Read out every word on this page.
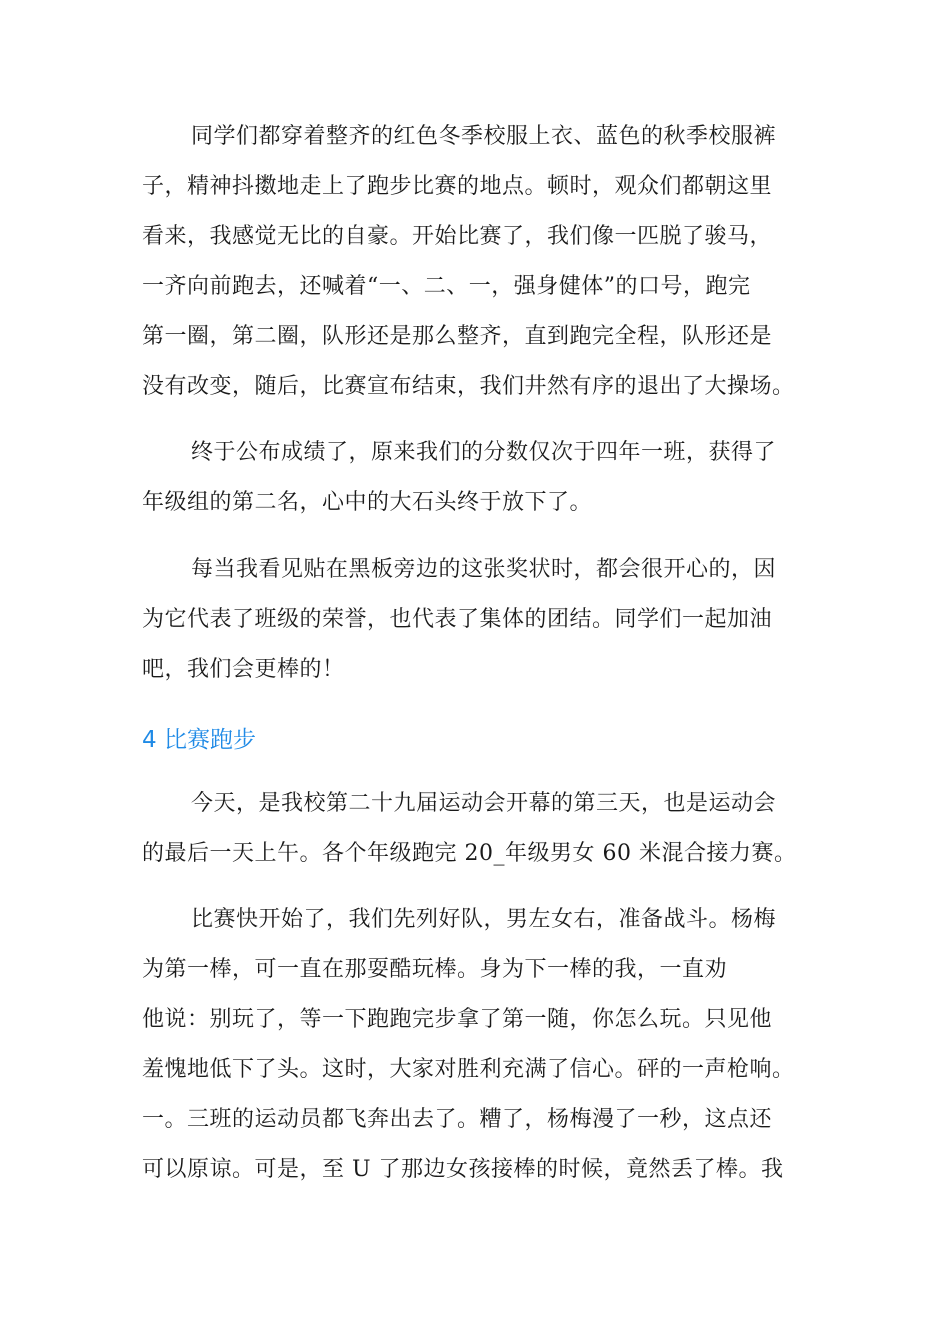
同学们都穿着整齐的红色冬季校服上衣、蓝色的秋季校服裤

子，精神抖擞地走上了跑步比赛的地点。顿时，观众们都朝这里

看来，我感觉无比的自豪。开始比赛了，我们像一匹脱了骏马，

一齐向前跑去，还喊着“一、二、一，强身健体”的口号，跑完

第一圈，第二圈，队形还是那么整齐，直到跑完全程，队形还是

没有改变，随后，比赛宣布结束，我们井然有序的退出了大操场。

终于公布成绩了，原来我们的分数仅次于四年一班，获得了

年级组的第二名，心中的大石头终于放下了。

每当我看见贴在黑板旁边的这张奖状时，都会很开心的，因

为它代表了班级的荣誉，也代表了集体的团结。同学们一起加油

吧，我们会更棒的！

4 比赛跑步

今天，是我校第二十九届运动会开幕的第三天，也是运动会

的最后一天上午。各个年级跑完 20_年级男女 60 米混合接力赛。

比赛快开始了，我们先列好队，男左女右，准备战斗。杨梅

为第一棒，可一直在那耍酷玩棒。身为下一棒的我，一直劝

他说：别玩了，等一下跑跑完步拿了第一随，你怎么玩。只见他

羞愧地低下了头。这时，大家对胜利充满了信心。砰的一声枪响。

一。三班的运动员都飞奔出去了。糟了，杨梅漫了一秒，这点还

可以原谅。可是，至 U 了那边女孩接棒的时候，竟然丢了棒。我
